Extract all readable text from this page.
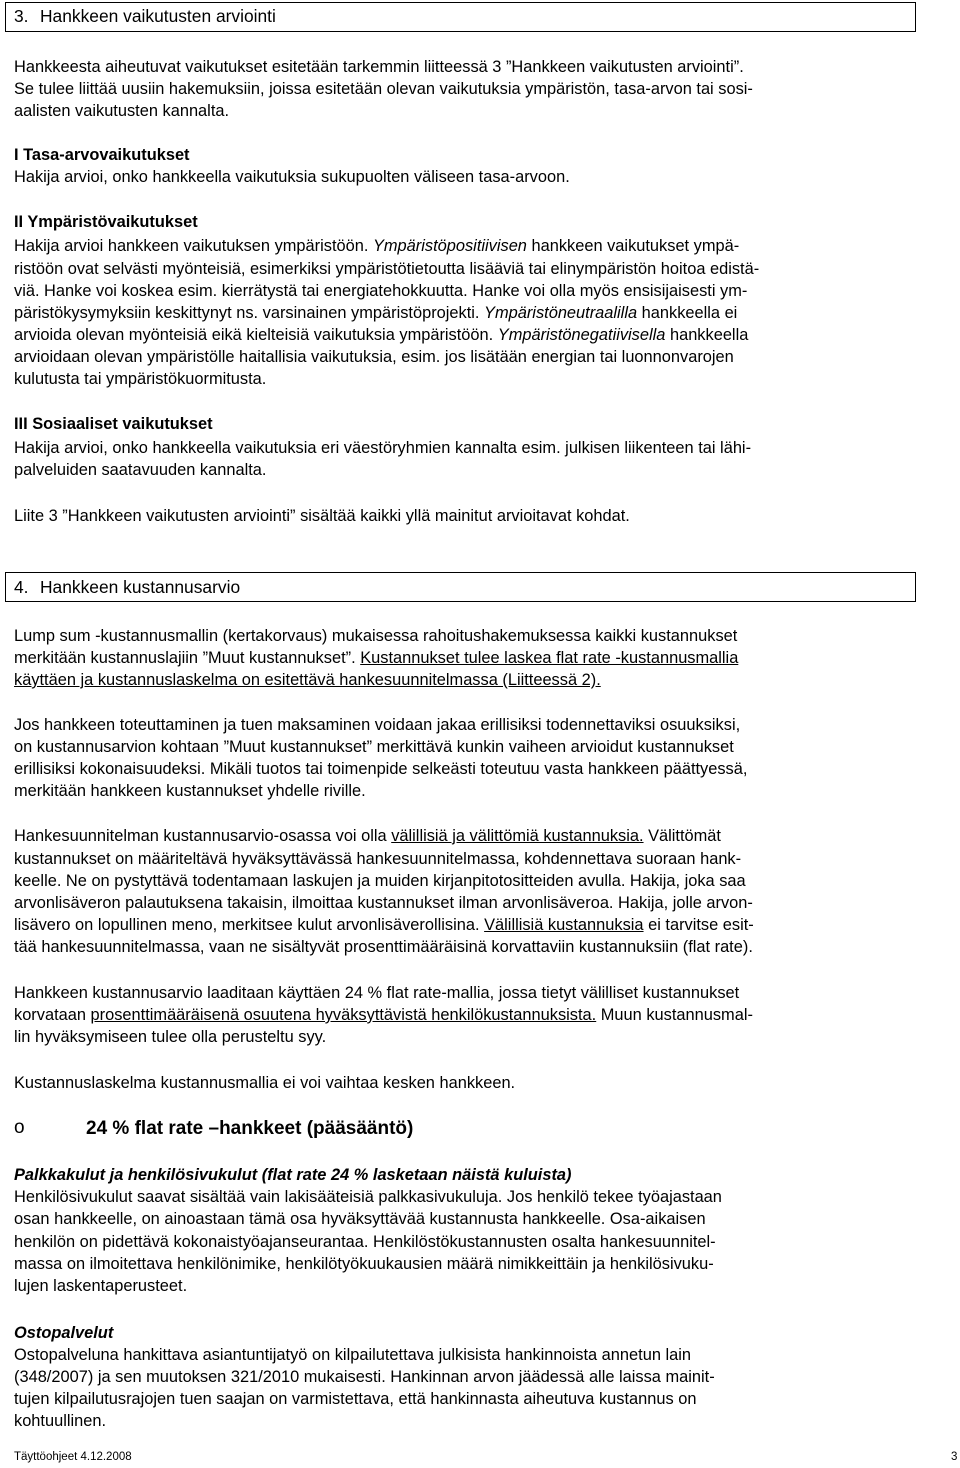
3. Hankkeen vaikutusten arviointi
Hankkeesta aiheutuvat vaikutukset esitetään tarkemmin liitteessä 3 ”Hankkeen vaikutusten arviointi”.
Se tulee liittää uusiin hakemuksiin, joissa esitetään olevan vaikutuksia ympäristön, tasa-arvon tai sosi-
aalisten vaikutusten kannalta.
I Tasa-arvovaikutukset
Hakija arvioi, onko hankkeella vaikutuksia sukupuolten väliseen tasa-arvoon.
II Ympäristövaikutukset
Hakija arvioi hankkeen vaikutuksen ympäristöön. Ympäristöpositiivisen hankkeen vaikutukset ympä-
ristöön ovat selvästi myönteisiä, esimerkiksi ympäristötietoutta lisääviä tai elinympäristön hoitoa edistä-
viä. Hanke voi koskea esim. kierrätystä tai energiatehokkuutta. Hanke voi olla myös ensisijaisesti ym-
päristökysymyksiin keskittynyt ns. varsinainen ympäristöprojekti. Ympäristöneutraalilla hankkeella ei
arvioida olevan myönteisiä eikä kielteisiä vaikutuksia ympäristöön. Ympäristönegatiivisella hankkeella
arvioidaan olevan ympäristölle haitallisia vaikutuksia, esim. jos lisätään energian tai luonnonvarojen
kulutusta tai ympäristökuormitusta.
III Sosiaaliset vaikutukset
Hakija arvioi, onko hankkeella vaikutuksia eri väestöryhmien kannalta esim. julkisen liikenteen tai lähi-
palveluiden saatavuuden kannalta.
Liite 3 ”Hankkeen vaikutusten arviointi” sisältää kaikki yllä mainitut arvioitavat kohdat.
4. Hankkeen kustannusarvio
Lump sum -kustannusmallin (kertakorvaus) mukaisessa rahoitushakemuksessa kaikki kustannukset
merkitään kustannuslajiin ”Muut kustannukset”. Kustannukset tulee laskea flat rate -kustannusmallia
käyttäen ja kustannuslaskelma on esitettävä hankesuunnitelmassa (Liitteessä 2).
Jos hankkeen toteuttaminen ja tuen maksaminen voidaan jakaa erillisiksi todennettaviksi osuuksiksi,
on kustannusarvion kohtaan ”Muut kustannukset” merkittävä kunkin vaiheen arvioidut kustannukset
erillisiksi kokonaisuudeksi. Mikäli tuotos tai toimenpide selkeästi toteutuu vasta hankkeen päättyessä,
merkitään hankkeen kustannukset yhdelle riville.
Hankesuunnitelman kustannusarvio-osassa voi olla välillisiä ja välittömiä kustannuksia. Välittömät
kustannukset on määriteltävä hyväksyttävässä hankesuunnitelmassa, kohdennettava suoraan hank-
keelle. Ne on pystyttävä todentamaan laskujen ja muiden kirjanpitotositteiden avulla. Hakija, joka saa
arvonlisäveron palautuksena takaisin, ilmoittaa kustannukset ilman arvonlisäveroa. Hakija, jolle arvon-
lisävero on lopullinen meno, merkitsee kulut arvonlisäverollisina. Välillisiä kustannuksia ei tarvitse esit-
tää hankesuunnitelmassa, vaan ne sisältyvät prosenttimääräisinä korvattaviin kustannuksiin (flat rate).
Hankkeen kustannusarvio laaditaan käyttäen 24 % flat rate-mallia, jossa tietyt välilliset kustannukset
korvataan prosenttimääräisenä osuutena hyväksyttävistä henkilökustannuksista. Muun kustannusmal-
lin hyväksymiseen tulee olla perusteltu syy.
Kustannuslaskelma kustannusmallia ei voi vaihtaa kesken hankkeen.
o	24 % flat rate –hankkeet (pääsääntö)
Palkkakulut ja henkilösivukulut (flat rate 24 % lasketaan näistä kuluista)
Henkilösivukulut saavat sisältää vain lakisääteisiä palkkasivukuluja. Jos henkilö tekee työajastaan
osan hankkeelle, on ainoastaan tämä osa hyväksyttävää kustannusta hankkeelle. Osa-aikaisen
henkilön on pidettävä kokonaistyöajanseurantaa. Henkilöstökustannusten osalta hankesuunnitel-
massa on ilmoitettava henkilönimike, henkilötyökuukausien määrä nimikkeittäin ja henkilösivuku-
lujen laskentaperusteet.
Ostopalvelut
Ostopalveluna hankittava asiantuntijatyö on kilpailutettava julkisista hankinnoista annetun lain
(348/2007) ja sen muutoksen 321/2010 mukaisesti. Hankinnan arvon jäädessä alle laissa mainit-
tujen kilpailutusrajojen tuen saajan on varmistettava, että hankinnasta aiheutuva kustannus on
kohtuullinen.
Täyttöohjeet 4.12.2008	3
